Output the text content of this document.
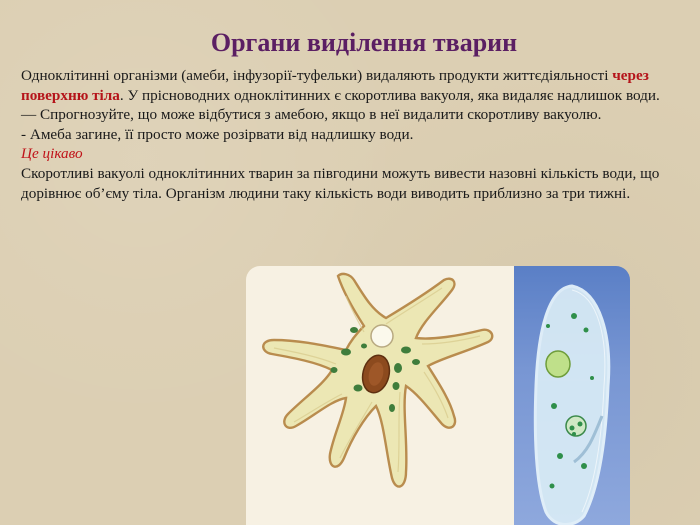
Органи виділення тварин

Одноклітинні організми (амеби, інфузорії-туфельки) видаляють продукти життєдіяльності через поверхню тіла. У прісноводних одноклітинних є скоротлива вакуоля, яка видаляє надлишок води.

— Спрогнозуйте, що може відбутися з амебою, якщо в неї видалити скоротливу вакуолю.

- Амеба загине, її просто може розірвати від надлишку води.

Це цікаво

Скоротливі вакуолі одноклітинних тварин за півгодини можуть вивести назовні кількість води, що дорівнює об’єму тіла. Організм людини таку кількість води виводить приблизно за три тижні.
